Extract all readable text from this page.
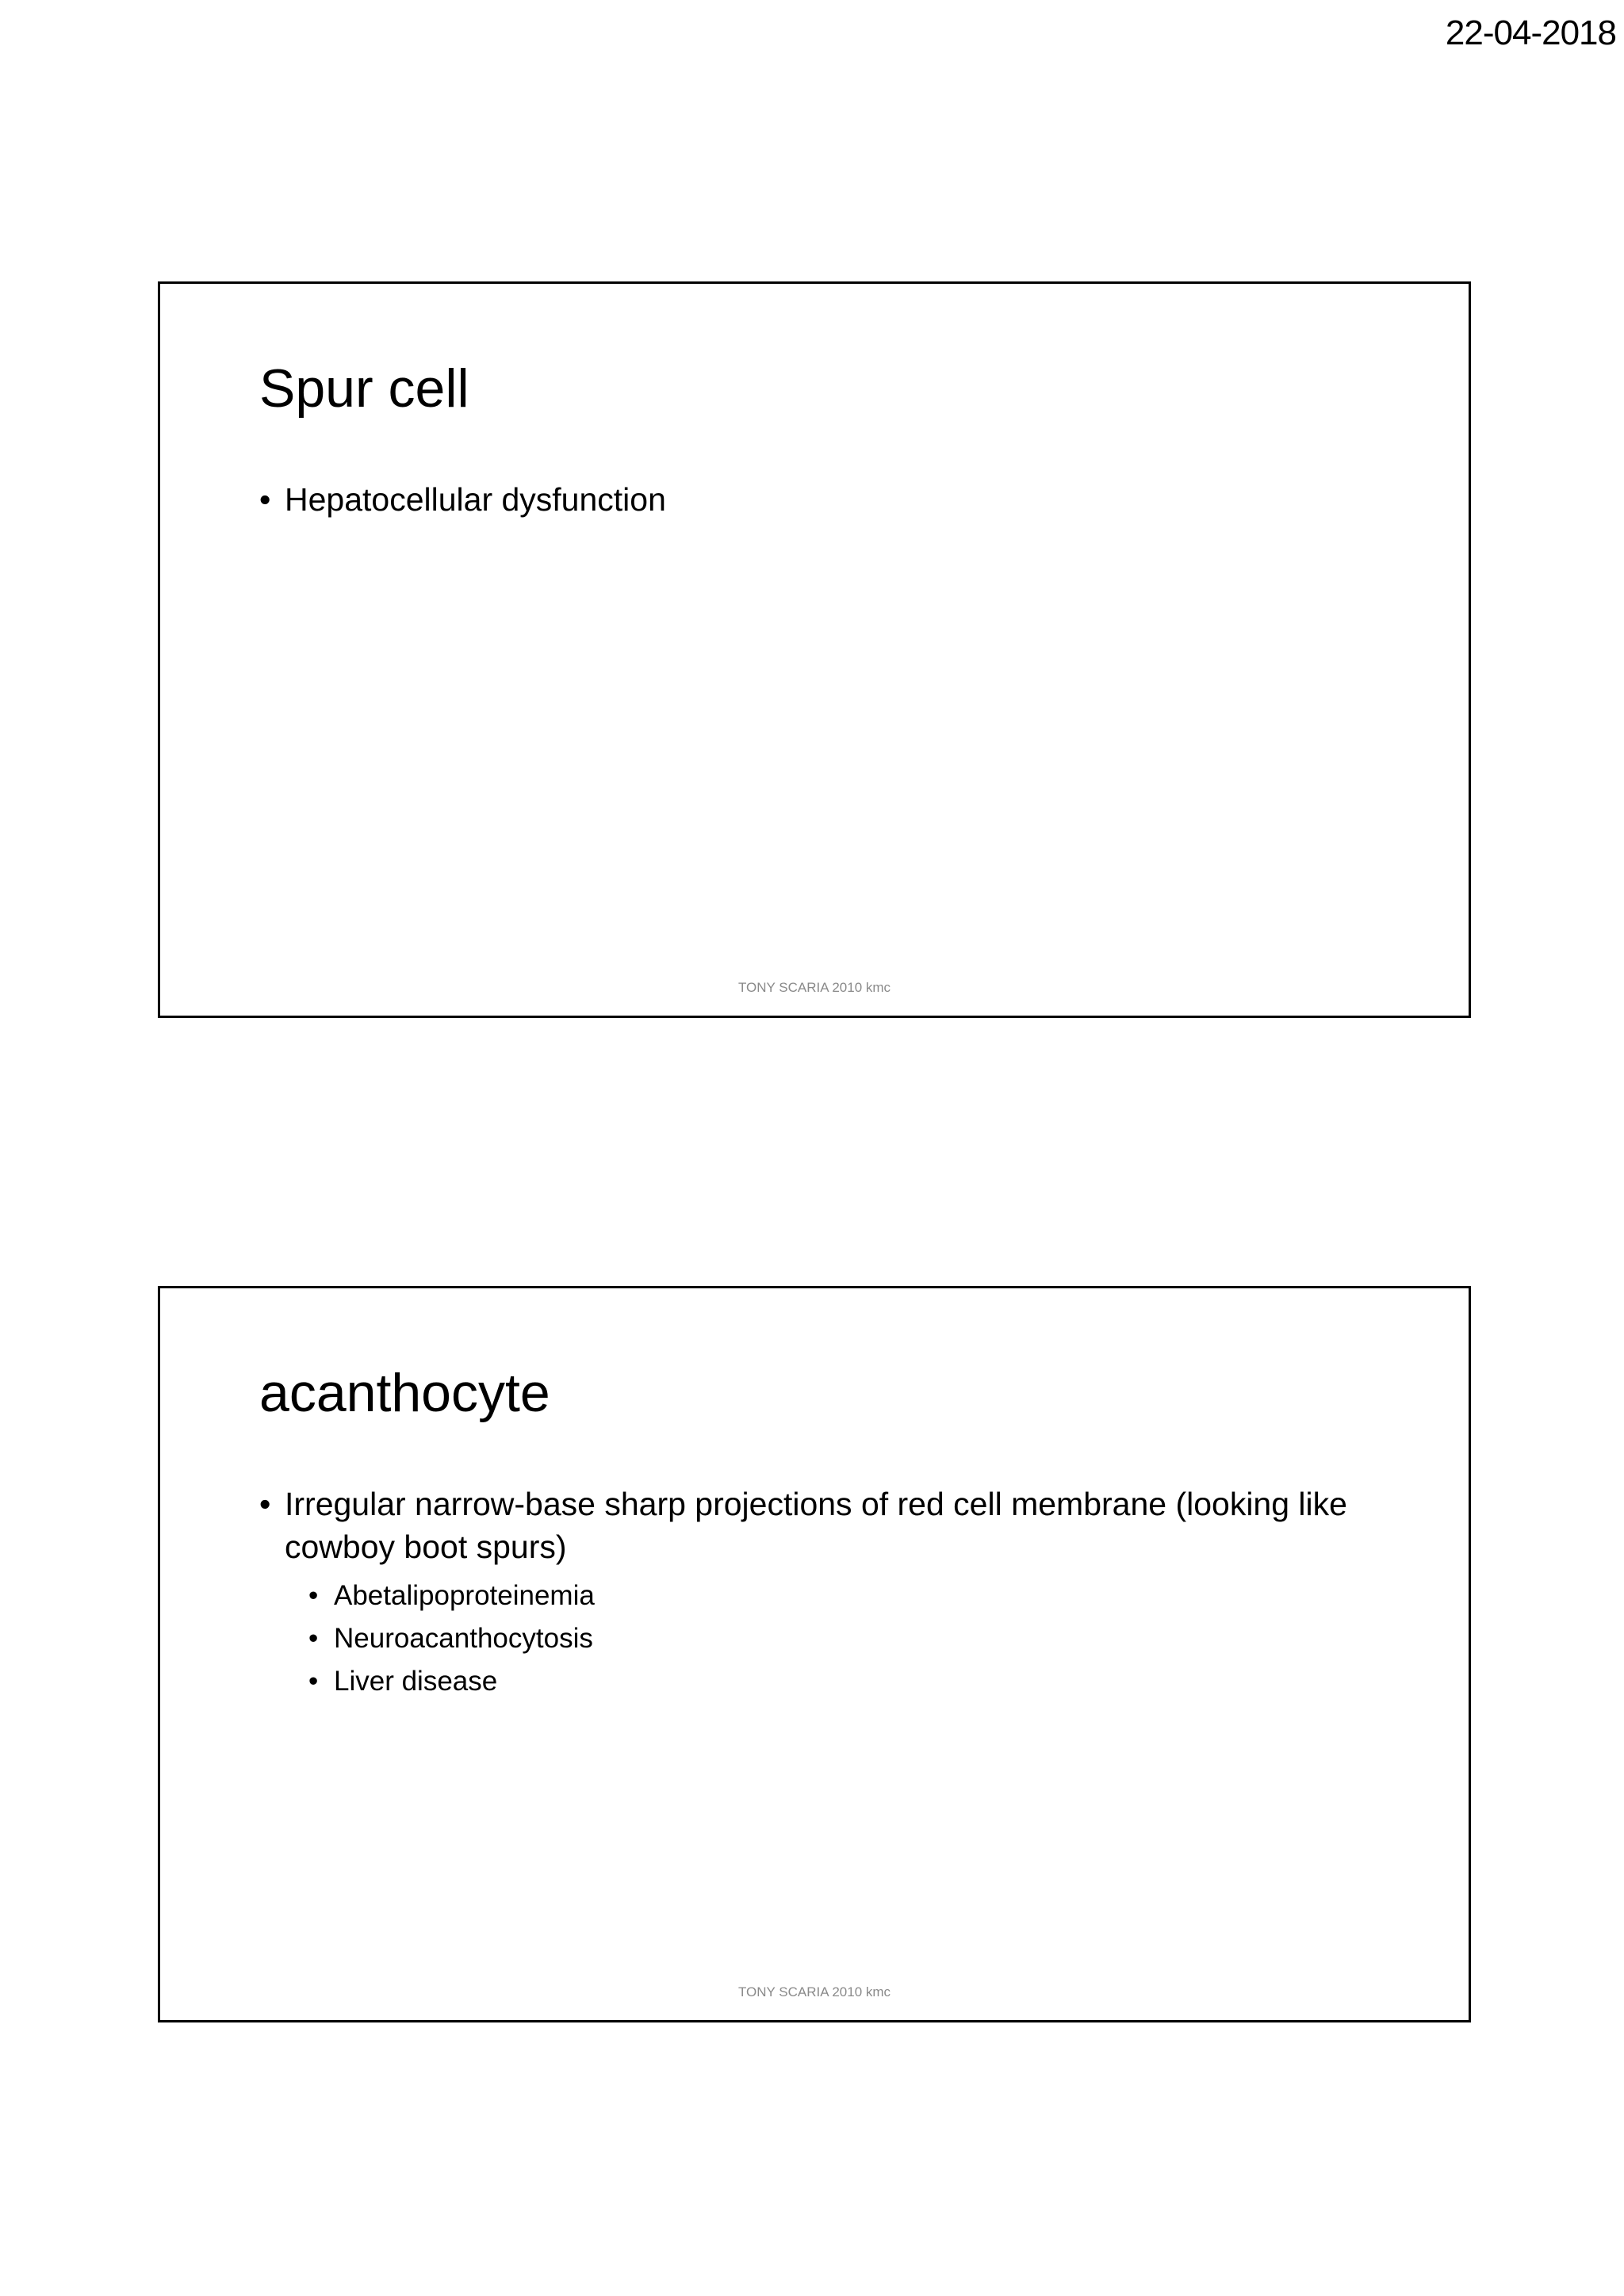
22-04-2018
Spur cell
• Hepatocellular dysfunction
TONY SCARIA 2010 kmc
acanthocyte
• Irregular narrow-base sharp projections of red cell membrane (looking like cowboy boot spurs)
• Abetalipoproteinemia
• Neuroacanthocytosis
• Liver disease
TONY SCARIA 2010 kmc
